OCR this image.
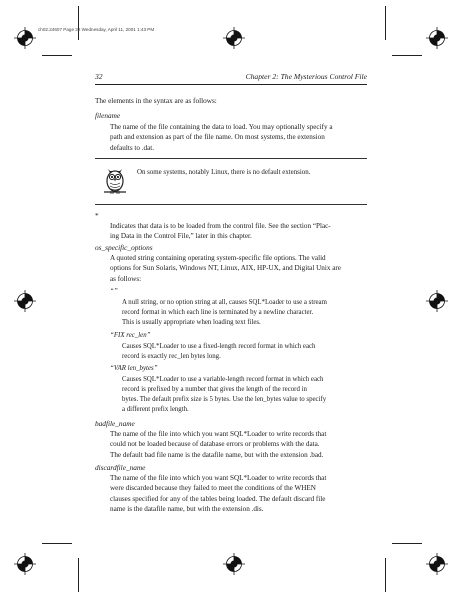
ch02.24607 Page 32 Wednesday, April 11, 2001 1:43 PM
32	Chapter 2: The Mysterious Control File
The elements in the syntax are as follows:
filename
The name of the file containing the data to load. You may optionally specify a
path and extension as part of the file name. On most systems, the extension
defaults to .dat.
On some systems, notably Linux, there is no default extension.
*
Indicates that data is to be loaded from the control file. See the section “Plac-
ing Data in the Control File,” later in this chapter.
os_specific_options
A quoted string containing operating system-specific file options. The valid
options for Sun Solaris, Windows NT, Linux, AIX, HP-UX, and Digital Unix are
as follows:
“”
A null string, or no option string at all, causes SQL*Loader to use a stream
record format in which each line is terminated by a newline character.
This is usually appropriate when loading text files.
“FIX rec_len”
Causes SQL*Loader to use a fixed-length record format in which each
record is exactly rec_len bytes long.
“VAR len_bytes”
Causes SQL*Loader to use a variable-length record format in which each
record is prefixed by a number that gives the length of the record in
bytes. The default prefix size is 5 bytes. Use the len_bytes value to specify
a different prefix length.
badfile_name
The name of the file into which you want SQL*Loader to write records that
could not be loaded because of database errors or problems with the data.
The default bad file name is the datafile name, but with the extension .bad.
discardfile_name
The name of the file into which you want SQL*Loader to write records that
were discarded because they failed to meet the conditions of the WHEN
clauses specified for any of the tables being loaded. The default discard file
name is the datafile name, but with the extension .dis.
